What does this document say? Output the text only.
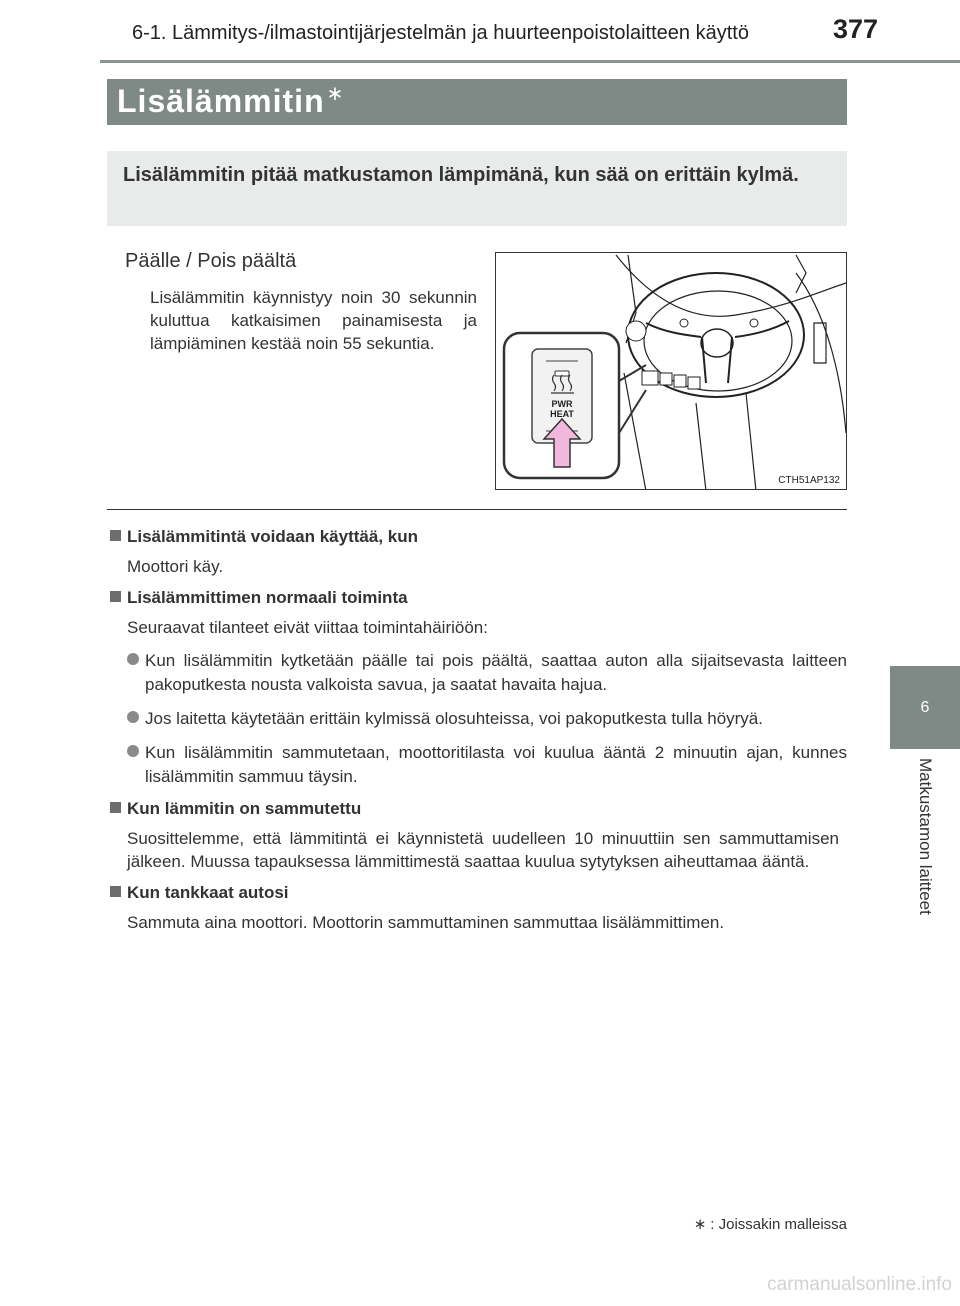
6-1. Lämmitys-/ilmastointijärjestelmän ja huurteenpoistolaitteen käyttö	377
6
Matkustamon laitteet
Lisälämmitin ∗

Lisälämmitin pitää matkustamon lämpimänä, kun sää on erittäin kylmä.

Päälle / Pois päältä
Lisälämmitin käynnistyy noin 30 sekunnin kuluttua katkaisimen painamisesta ja lämpiäminen kestää noin 55 sekuntia.
PWR
HEAT
CTH51AP132
Lisälämmitintä voidaan käyttää, kun
Moottori käy.
Lisälämmittimen normaali toiminta
Seuraavat tilanteet eivät viittaa toimintahäiriöön:
Kun lisälämmitin kytketään päälle tai pois päältä, saattaa auton alla sijaitsevasta laitteen pakoputkesta nousta valkoista savua, ja saatat havaita hajua.
Jos laitetta käytetään erittäin kylmissä olosuhteissa, voi pakoputkesta tulla höyryä.
Kun lisälämmitin sammutetaan, moottoritilasta voi kuulua ääntä 2 minuutin ajan, kunnes lisälämmitin sammuu täysin.
Kun lämmitin on sammutettu
Suosittelemme, että lämmitintä ei käynnistetä uudelleen 10 minuuttiin sen sammuttamisen jälkeen. Muussa tapauksessa lämmittimestä saattaa kuulua sytytyksen aiheuttamaa ääntä.
Kun tankkaat autosi
Sammuta aina moottori. Moottorin sammuttaminen sammuttaa lisälämmittimen.
∗ : Joissakin malleissa
carmanualsonline.info
